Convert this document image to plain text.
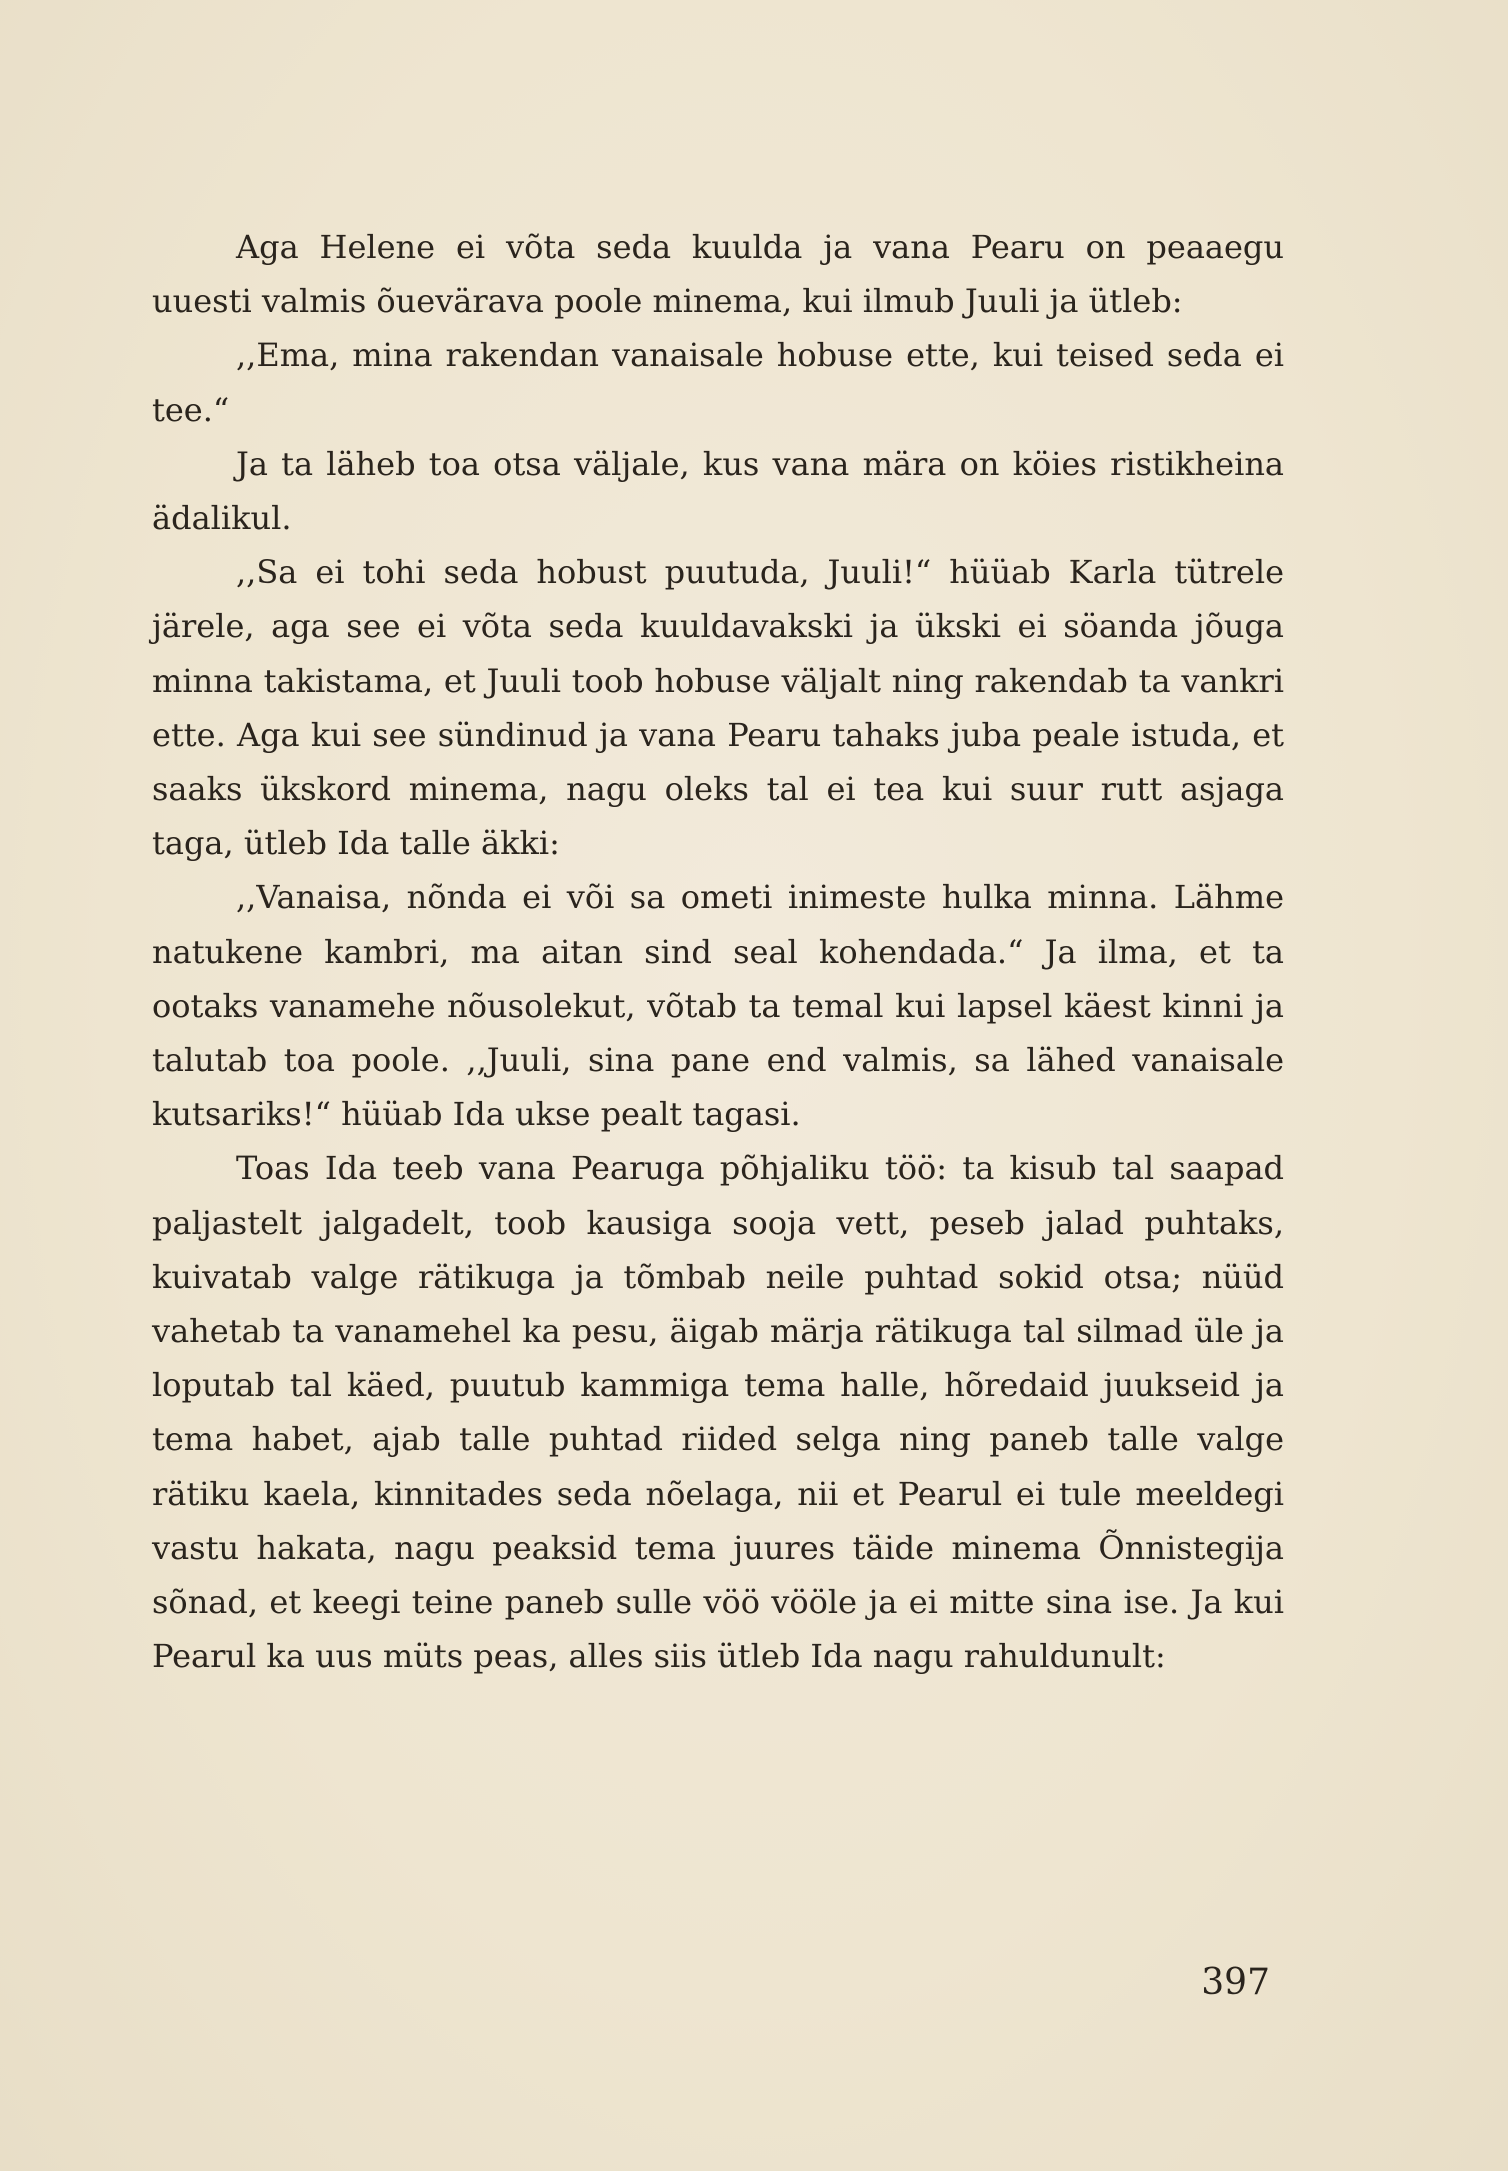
Aga Helene ei võta seda kuulda ja vana Pearu on peaaegu uuesti valmis õuevärava poole minema, kui ilmub Juuli ja ütleb:

,,Ema, mina rakendan vanaisale hobuse ette, kui teised seda ei tee.“

Ja ta läheb toa otsa väljale, kus vana mära on köies ristikheina ädalikul.

,,Sa ei tohi seda hobust puutuda, Juuli!“ hüüab Karla tütrele järele, aga see ei võta seda kuuldavakski ja ükski ei söanda jõuga minna takistama, et Juuli toob hobuse väljalt ning rakendab ta vankri ette. Aga kui see sündinud ja vana Pearu tahaks juba peale istuda, et saaks ükskord minema, nagu oleks tal ei tea kui suur rutt asjaga taga, ütleb Ida talle äkki:

,,Vanaisa, nõnda ei või sa ometi inimeste hulka minna. Lähme natukene kambri, ma aitan sind seal kohendada.“ Ja ilma, et ta ootaks vanamehe nõusolekut, võtab ta temal kui lapsel käest kinni ja talutab toa poole. ,,Juuli, sina pane end valmis, sa lähed vanaisale kutsariks!“ hüüab Ida ukse pealt tagasi.

Toas Ida teeb vana Pearuga põhjaliku töö: ta kisub tal saapad paljastelt jalgadelt, toob kausiga sooja vett, peseb jalad puhtaks, kuivatab valge rätikuga ja tõmbab neile puhtad sokid otsa; nüüd vahetab ta vanamehel ka pesu, äigab märja rätikuga tal silmad üle ja loputab tal käed, puutub kammiga tema halle, hõredaid juukseid ja tema habet, ajab talle puhtad riided selga ning paneb talle valge rätiku kaela, kinnitades seda nõelaga, nii et Pearul ei tule meeldegi vastu hakata, nagu peaksid tema juures täide minema Õnnistegija sõnad, et keegi teine paneb sulle vöö vööle ja ei mitte sina ise. Ja kui Pearul ka uus müts peas, alles siis ütleb Ida nagu rahuldunult:

397
